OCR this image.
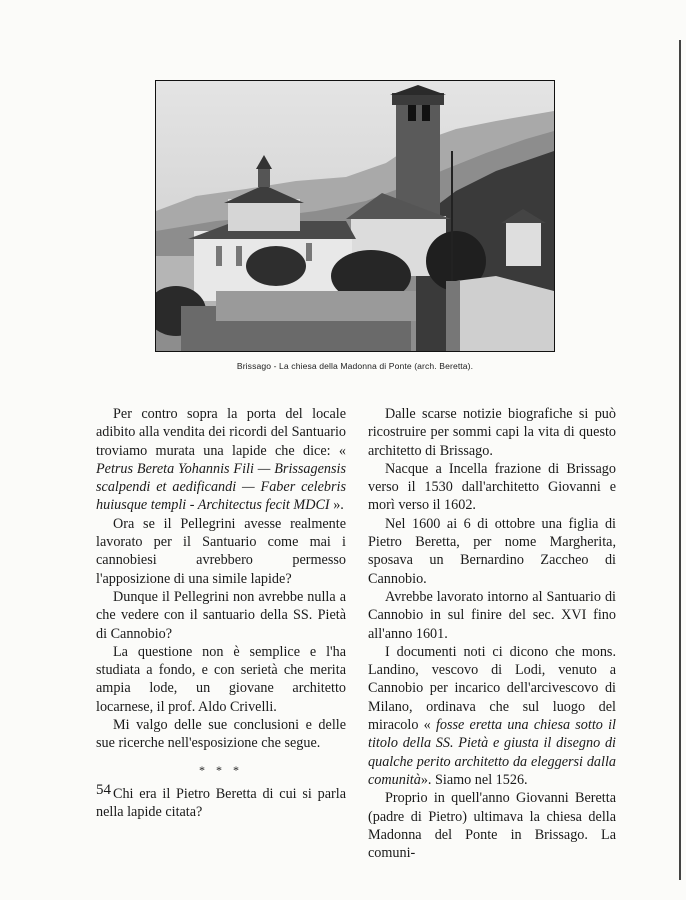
Brissago - La chiesa della Madonna di Ponte (arch. Beretta).

Per contro sopra la porta del locale adibito alla vendita dei ricordi del Santuario troviamo murata una lapide che dice: « Petrus Bereta Yohannis Fili — Brissagensis scalpendi et aedificandi — Faber celebris huiusque templi - Architectus fecit MDCI ».

Ora se il Pellegrini avesse realmente lavorato per il Santuario come mai i cannobiesi avrebbero permesso l'apposizione di una simile lapide?

Dunque il Pellegrini non avrebbe nulla a che vedere con il santuario della SS. Pietà di Cannobio?

La questione non è semplice e l'ha studiata a fondo, e con serietà che merita ampia lode, un giovane architetto locarnese, il prof. Aldo Crivelli.

Mi valgo delle sue conclusioni e delle sue ricerche nell'esposizione che segue.

* * *

Chi era il Pietro Beretta di cui si parla nella lapide citata?

Dalle scarse notizie biografiche si può ricostruire per sommi capi la vita di questo architetto di Brissago.

Nacque a Incella frazione di Brissago verso il 1530 dall'architetto Giovanni e morì verso il 1602.

Nel 1600 ai 6 di ottobre una figlia di Pietro Beretta, per nome Margherita, sposava un Bernardino Zaccheo di Cannobio.

Avrebbe lavorato intorno al Santuario di Cannobio in sul finire del sec. XVI fino all'anno 1601.

I documenti noti ci dicono che mons. Landino, vescovo di Lodi, venuto a Cannobio per incarico dell'arcivescovo di Milano, ordinava che sul luogo del miracolo « fosse eretta una chiesa sotto il titolo della SS. Pietà e giusta il disegno di qualche perito architetto da eleggersi dalla comunità». Siamo nel 1526.

Proprio in quell'anno Giovanni Beretta (padre di Pietro) ultimava la chiesa della Madonna del Ponte in Brissago. La comuni-

54
